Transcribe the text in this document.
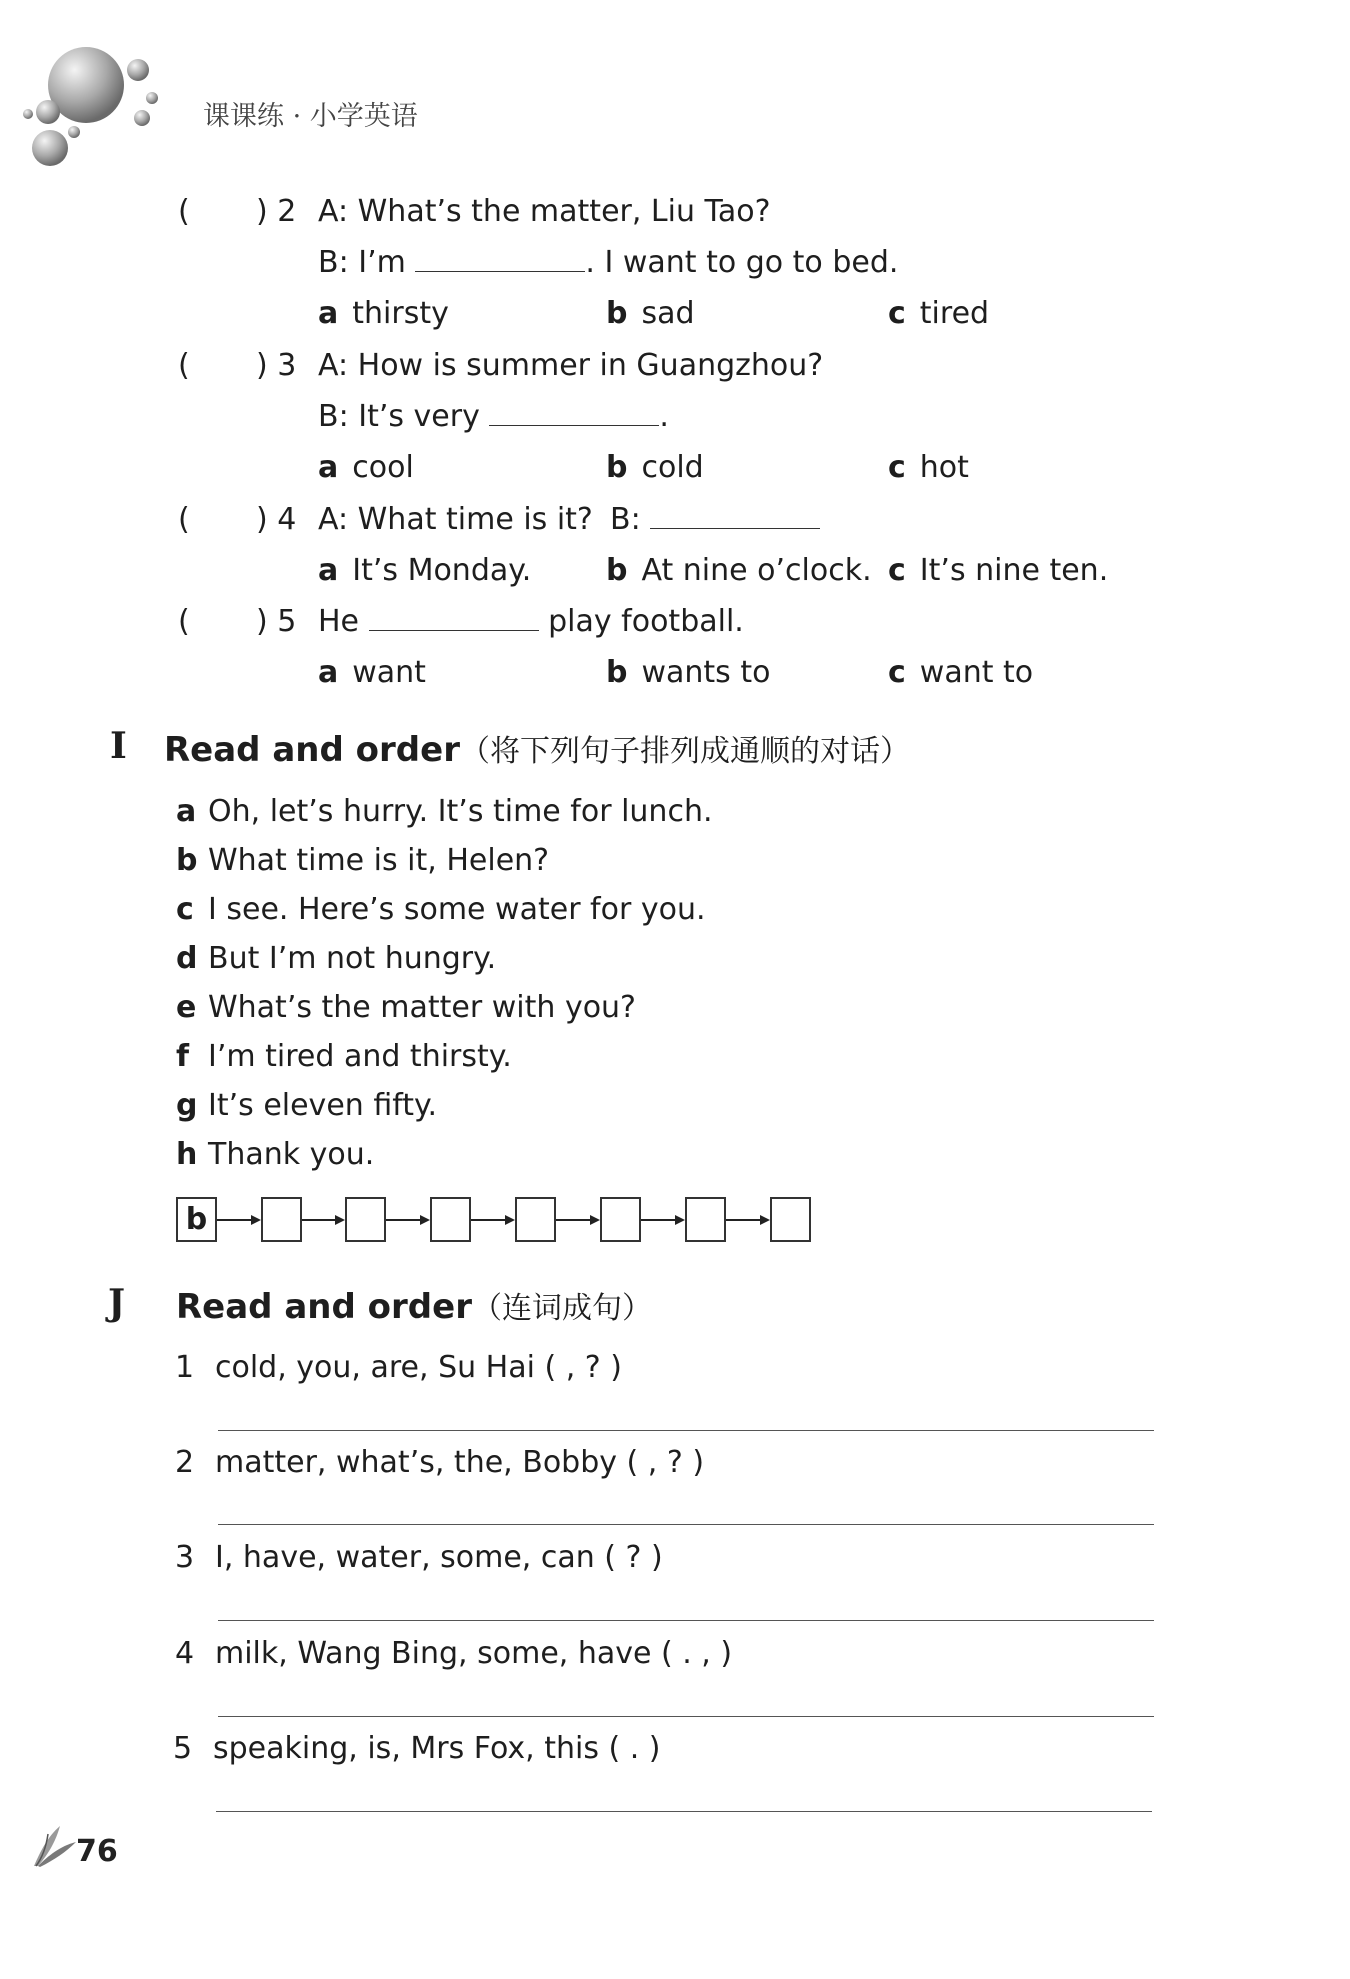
课课练 · 小学英语
( ) 2 A: What’s the matter, Liu Tao?
B: I’m	. I want to go to bed.
a thirsty	b sad	c tired
( ) 3 A: How is summer in Guangzhou?
B: It’s very	.
a cool	b cold	c hot
( ) 4 A: What time is it? B:
a It’s Monday. b At nine o’clock. c It’s nine ten.
( ) 5 He	play football.
a want	b wants to	c want to
I Read and order（将下列句子排列成通顺的对话）
a Oh, let’s hurry. It’s time for lunch.
b What time is it, Helen?
c I see. Here’s some water for you.
d But I’m not hungry.
e What’s the matter with you?
f I’m tired and thirsty.
g It’s eleven fifty.
h Thank you.
b
J Read and order（连词成句）
1 cold, you, are, Su Hai ( , ? )
2 matter, what’s, the, Bobby ( , ? )
3 I, have, water, some, can ( ? )
4 milk, Wang Bing, some, have ( . , )
5 speaking, is, Mrs Fox, this ( . )
76
